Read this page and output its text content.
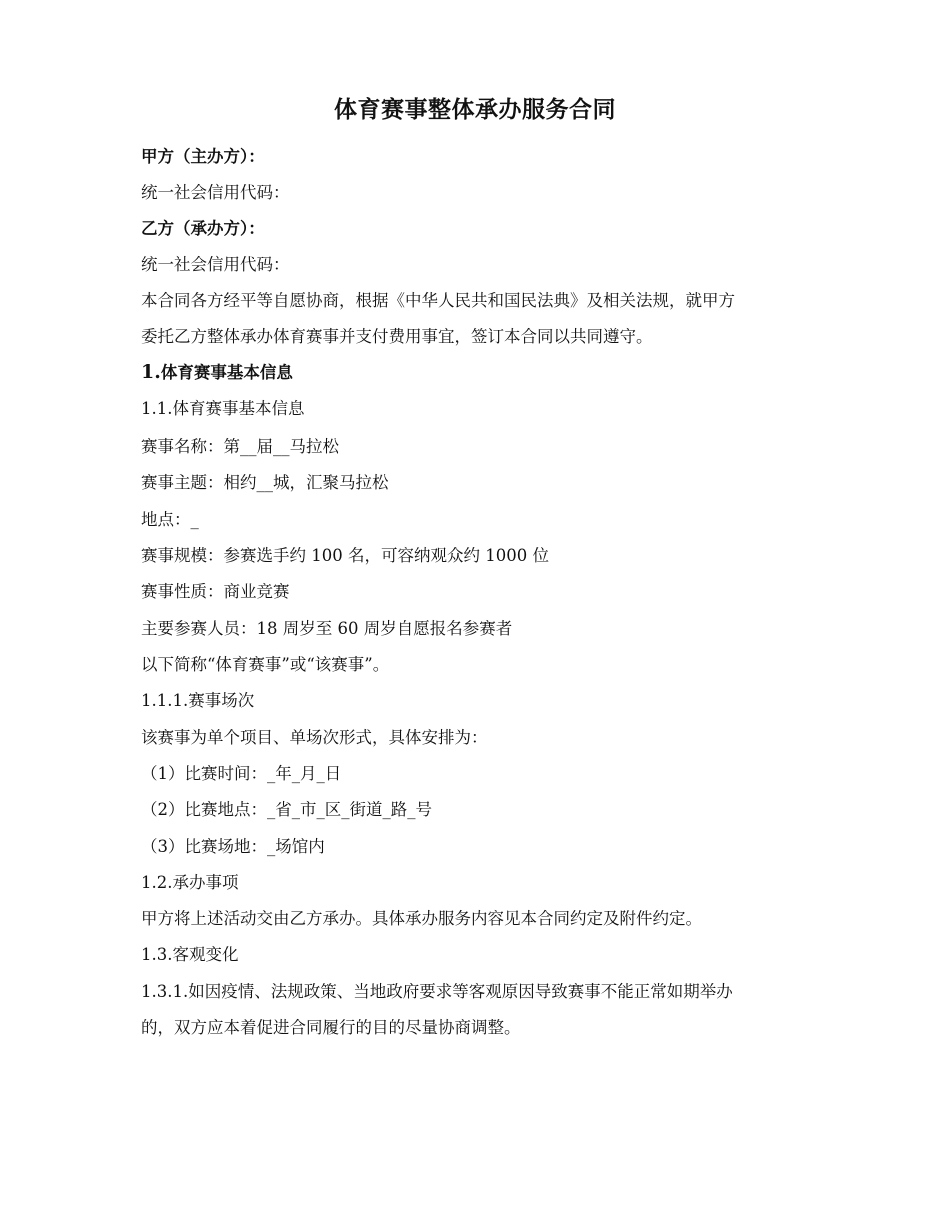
体育赛事整体承办服务合同
甲方（主办方）：
统一社会信用代码：
乙方（承办方）：
统一社会信用代码：
本合同各方经平等自愿协商，根据《中华人民共和国民法典》及相关法规，就甲方
委托乙方整体承办体育赛事并支付费用事宜，签订本合同以共同遵守。
1.体育赛事基本信息
1.1.体育赛事基本信息
赛事名称：第__届__马拉松
赛事主题：相约__城，汇聚马拉松
地点：_
赛事规模：参赛选手约 100 名，可容纳观众约 1000 位
赛事性质：商业竞赛
主要参赛人员：18 周岁至 60 周岁自愿报名参赛者
以下简称“体育赛事”或“该赛事”。
1.1.1.赛事场次
该赛事为单个项目、单场次形式，具体安排为：
（1）比赛时间：_年_月_日
（2）比赛地点：_省_市_区_街道_路_号
（3）比赛场地：_场馆内
1.2.承办事项
甲方将上述活动交由乙方承办。具体承办服务内容见本合同约定及附件约定。
1.3.客观变化
1.3.1.如因疫情、法规政策、当地政府要求等客观原因导致赛事不能正常如期举办
的，双方应本着促进合同履行的目的尽量协商调整。
